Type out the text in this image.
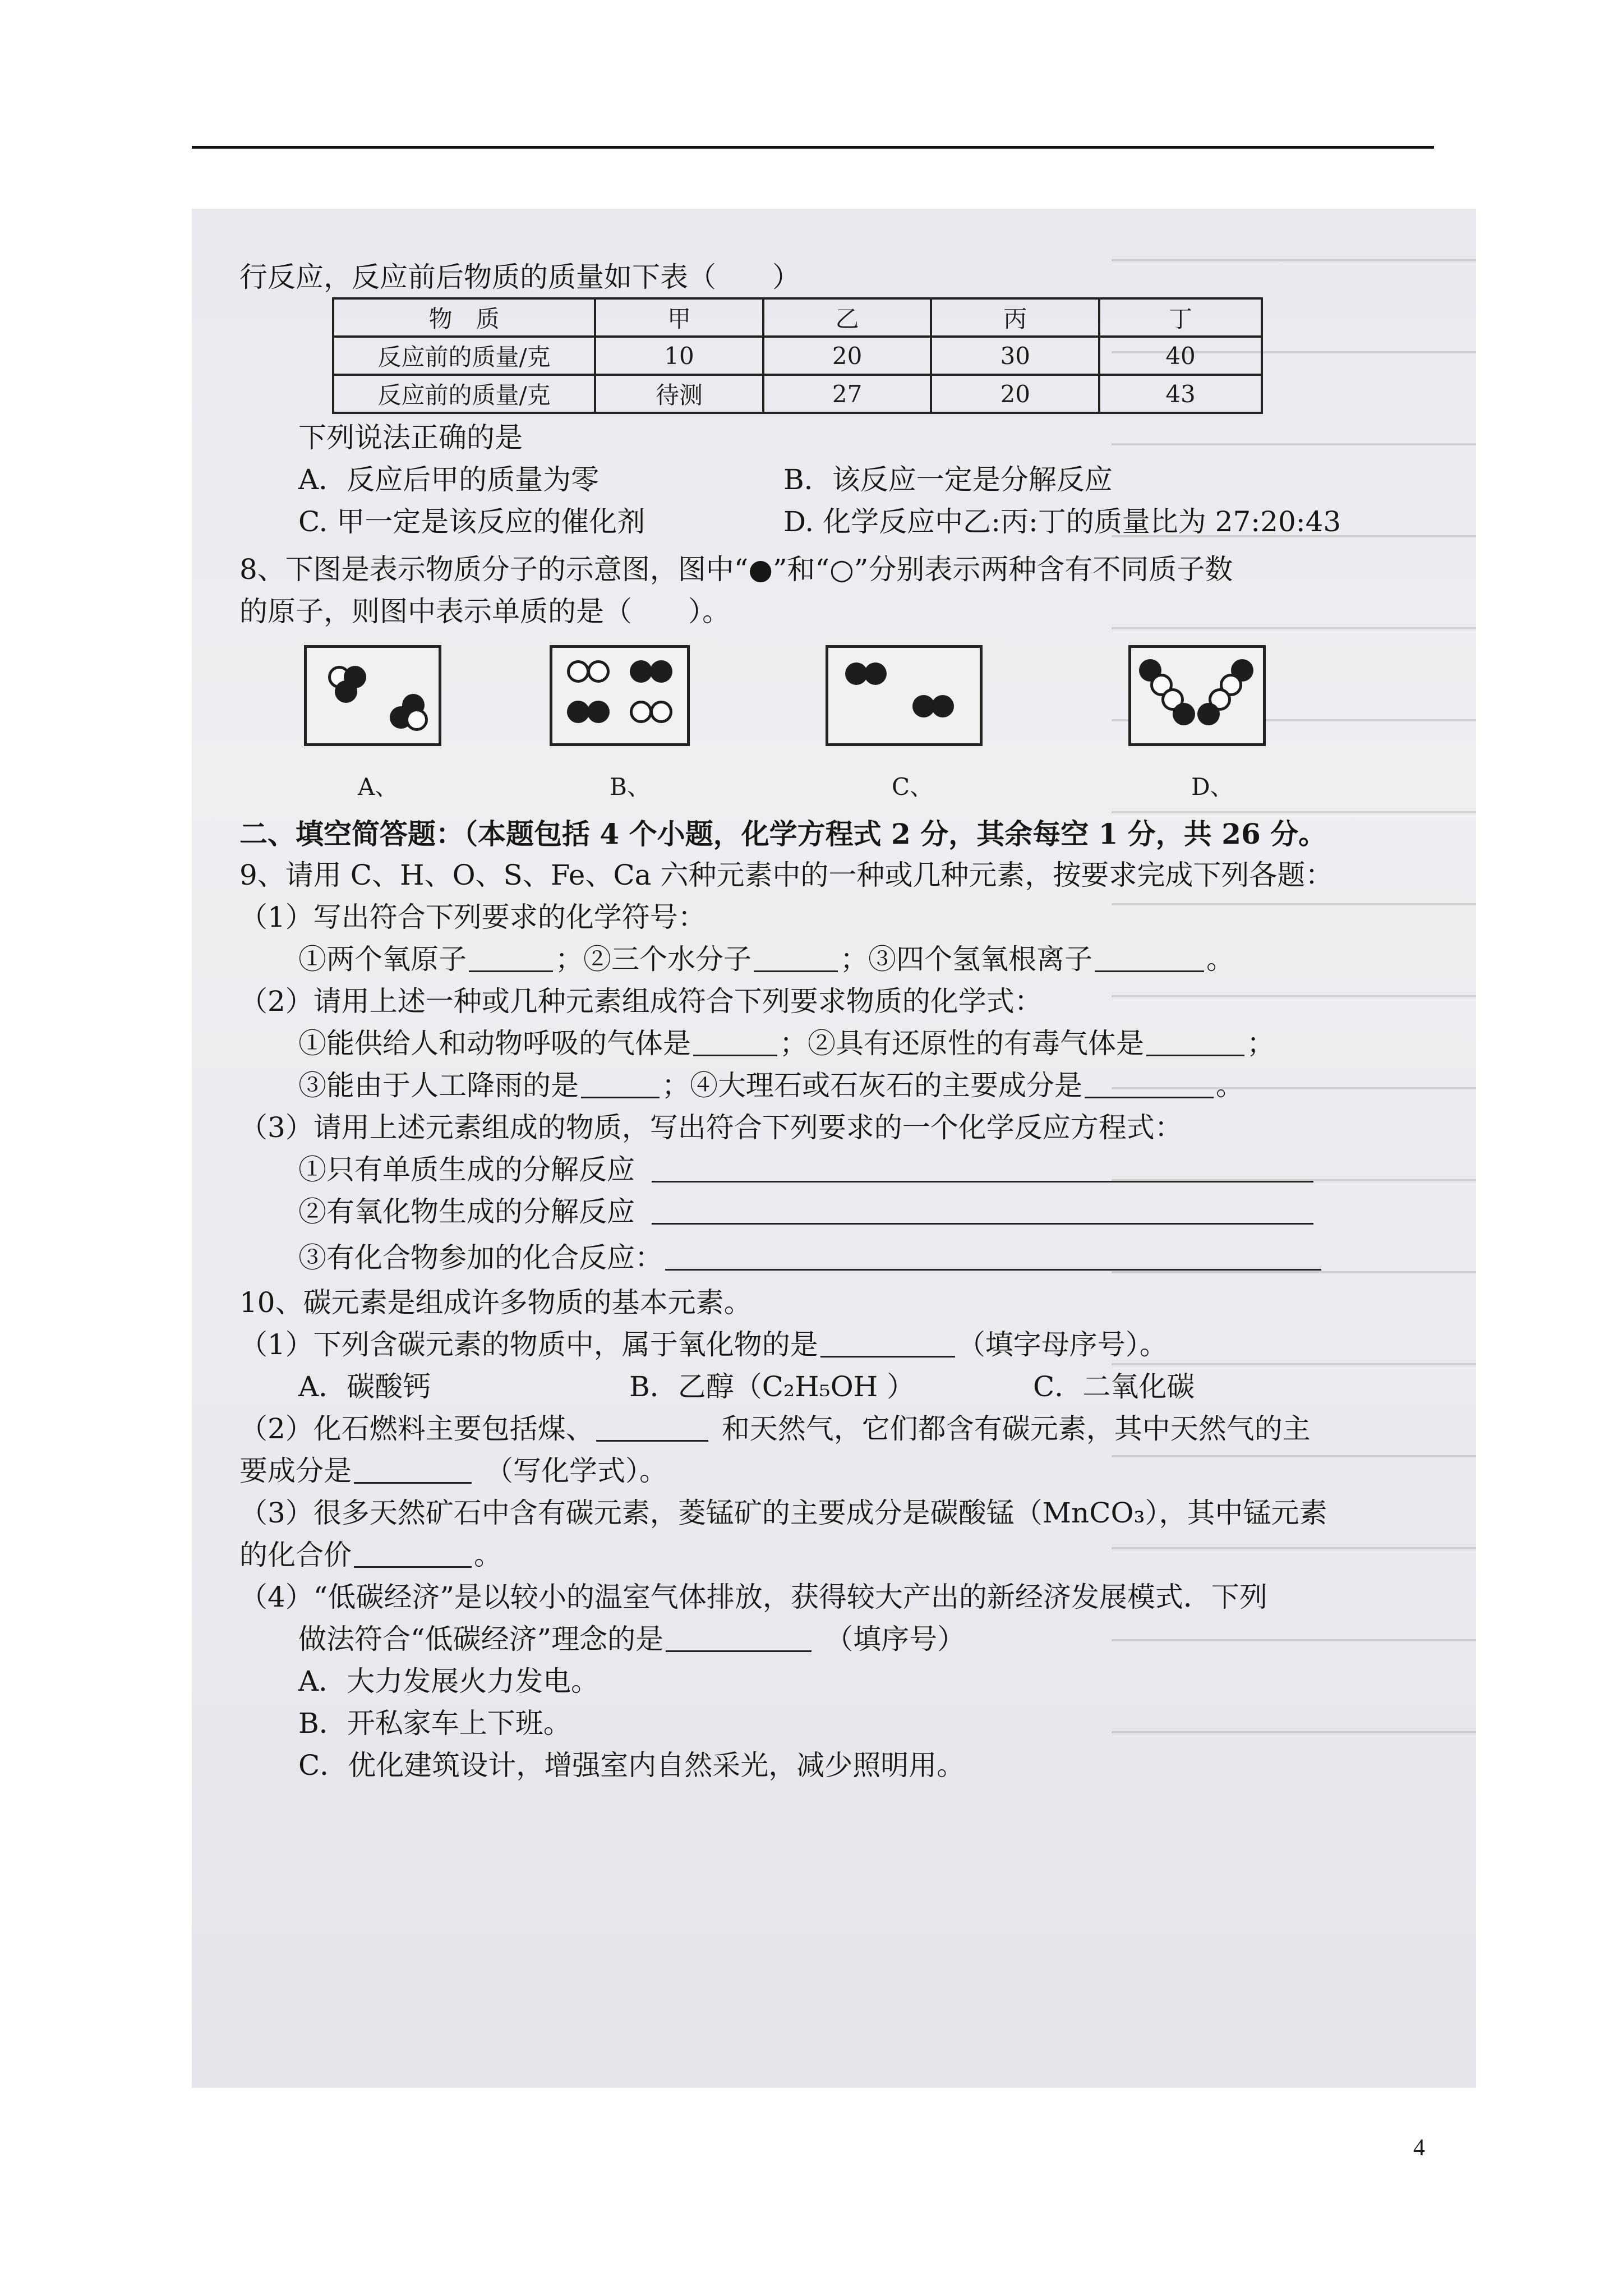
行反应，反应前后物质的质量如下表（　　）
物　质	甲	乙	丙	丁
反应前的质量/克	10	20	30	40
反应前的质量/克	待测	27	20	43
下列说法正确的是
A．反应后甲的质量为零	B．该反应一定是分解反应
C. 甲一定是该反应的催化剂	D. 化学反应中乙:丙:丁的质量比为 27:20:43
8、下图是表示物质分子的示意图，图中“●”和“○”分别表示两种含有不同质子数
的原子，则图中表示单质的是（　　）。
A、	B、	C、	D、
二、填空简答题：（本题包括 4 个小题，化学方程式 2 分，其余每空 1 分，共 26 分。
9、请用 C、H、O、S、Fe、Ca 六种元素中的一种或几种元素，按要求完成下列各题：
（1）写出符合下列要求的化学符号：
①两个氧原子	；②三个水分子	；③四个氢氧根离子	。
（2）请用上述一种或几种元素组成符合下列要求物质的化学式：
①能供给人和动物呼吸的气体是	；②具有还原性的有毒气体是	；
③能由于人工降雨的是	；④大理石或石灰石的主要成分是	。
（3）请用上述元素组成的物质，写出符合下列要求的一个化学反应方程式：
①只有单质生成的分解反应
②有氧化物生成的分解反应
③有化合物参加的化合反应：
10、碳元素是组成许多物质的基本元素。
（1）下列含碳元素的物质中，属于氧化物的是	（填字母序号）。
A．碳酸钙	B．乙醇（C₂H₅OH ）	C．二氧化碳
（2）化石燃料主要包括煤、	和天然气，它们都含有碳元素，其中天然气的主
要成分是	（写化学式）。
（3）很多天然矿石中含有碳元素，菱锰矿的主要成分是碳酸锰（MnCO₃），其中锰元素
的化合价	。
（4）“低碳经济”是以较小的温室气体排放，获得较大产出的新经济发展模式．下列
做法符合“低碳经济”理念的是	（填序号）
A．大力发展火力发电。
B．开私家车上下班。
C．优化建筑设计，增强室内自然采光，减少照明用。
4
